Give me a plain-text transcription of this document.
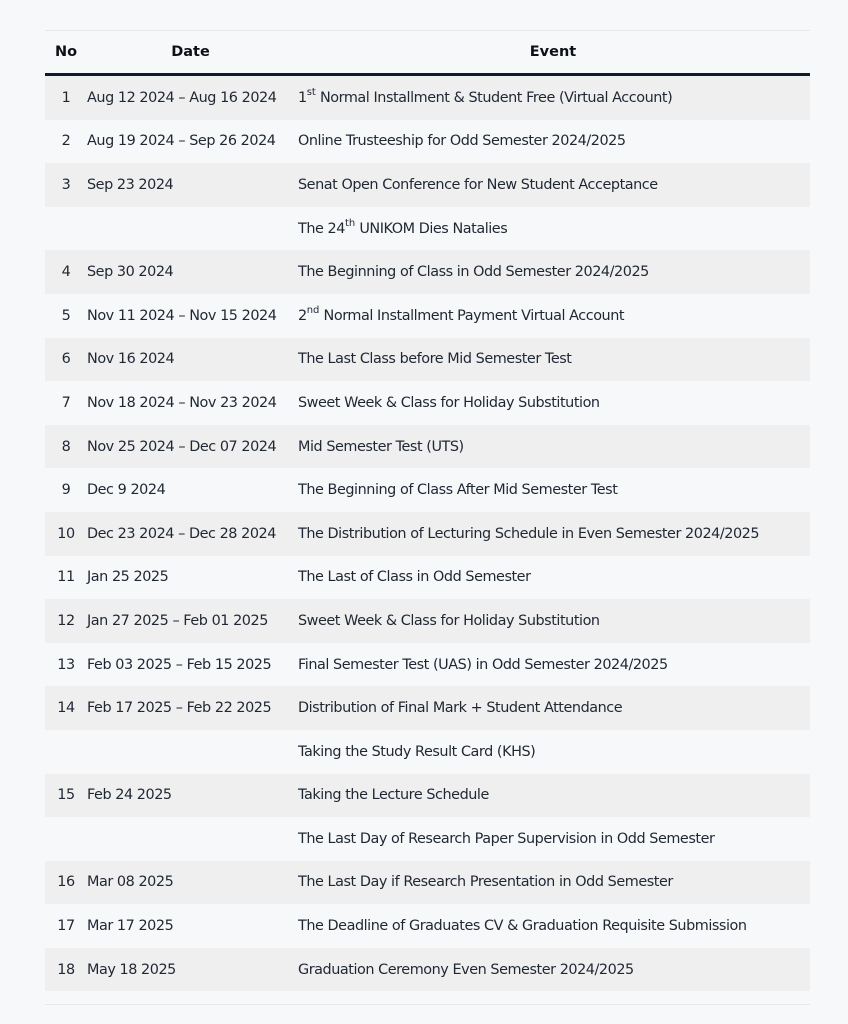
No	Date	Event
1	Aug 12 2024 – Aug 16 2024	1st Normal Installment & Student Free (Virtual Account)
2	Aug 19 2024 – Sep 26 2024	Online Trusteeship for Odd Semester 2024/2025
3	Sep 23 2024	Senat Open Conference for New Student Acceptance
		The 24th UNIKOM Dies Natalies
4	Sep 30 2024	The Beginning of Class in Odd Semester 2024/2025
5	Nov 11 2024 – Nov 15 2024	2nd Normal Installment Payment Virtual Account
6	Nov 16 2024	The Last Class before Mid Semester Test
7	Nov 18 2024 – Nov 23 2024	Sweet Week & Class for Holiday Substitution
8	Nov 25 2024 – Dec 07 2024	Mid Semester Test (UTS)
9	Dec 9 2024	The Beginning of Class After Mid Semester Test
10	Dec 23 2024 – Dec 28 2024	The Distribution of Lecturing Schedule in Even Semester 2024/2025
11	Jan 25 2025	The Last of Class in Odd Semester
12	Jan 27 2025 – Feb 01 2025	Sweet Week & Class for Holiday Substitution
13	Feb 03 2025 – Feb 15 2025	Final Semester Test (UAS) in Odd Semester 2024/2025
14	Feb 17 2025 – Feb 22 2025	Distribution of Final Mark + Student Attendance
		Taking the Study Result Card (KHS)
15	Feb 24 2025	Taking the Lecture Schedule
		The Last Day of Research Paper Supervision in Odd Semester
16	Mar 08 2025	The Last Day if Research Presentation in Odd Semester
17	Mar 17 2025	The Deadline of Graduates CV & Graduation Requisite Submission
18	May 18 2025	Graduation Ceremony Even Semester 2024/2025
